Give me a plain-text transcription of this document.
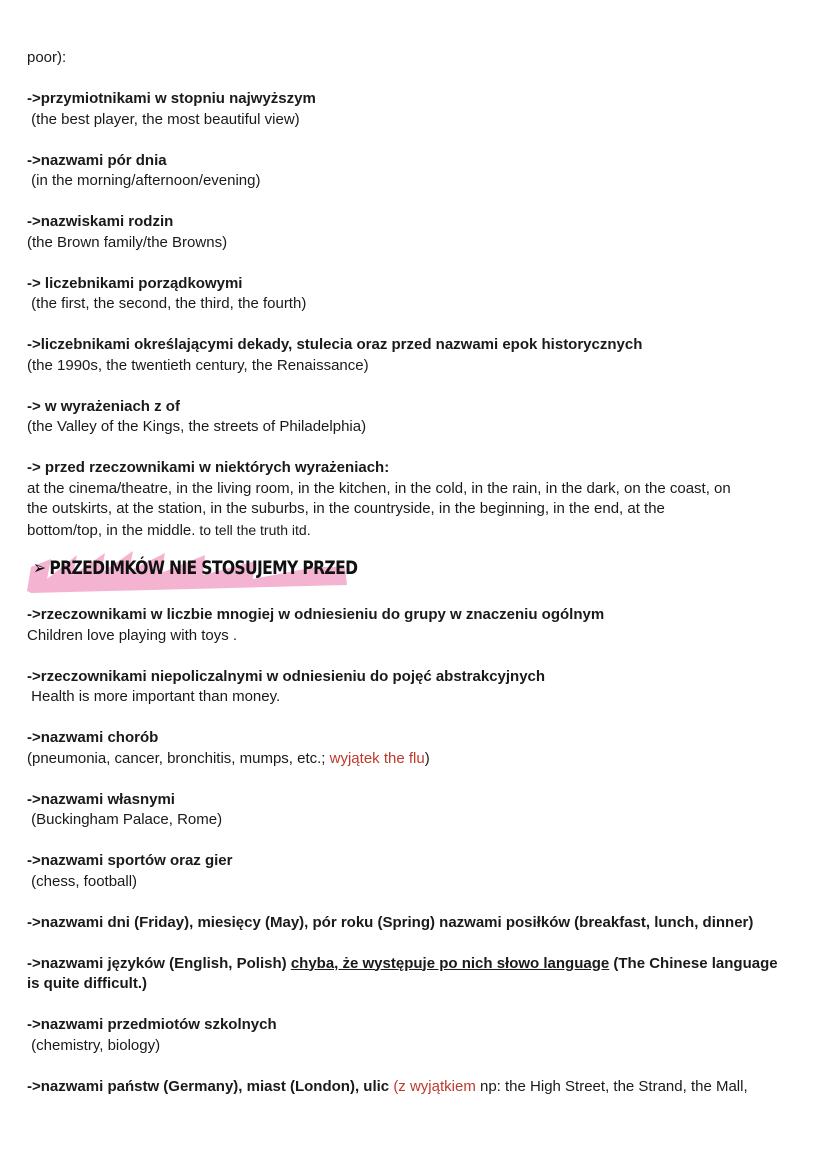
poor):

->przymiotnikami w stopniu najwyższym

(the best player, the most beautiful view)

->nazwami pór dnia

(in the morning/afternoon/evening)

->nazwiskami rodzin

(the Brown family/the Browns)

-> liczebnikami porządkowymi

(the first, the second, the third, the fourth)

->liczebnikami określającymi dekady, stulecia oraz przed nazwami epok historycznych

(the 1990s, the twentieth century, the Renaissance)

-> w wyrażeniach z of

(the Valley of the Kings, the streets of Philadelphia)

-> przed rzeczownikami w niektórych wyrażeniach:

at the cinema/theatre, in the living room, in the kitchen, in the cold, in the rain, in the dark, on the coast, on

the outskirts, at the station, in the suburbs, in the countryside, in the beginning, in the end, at the

bottom/top, in the middle. to tell the truth itd.

➢ PRZEDIMKÓW NIE STOSUJEMY PRZED

->rzeczownikami w liczbie mnogiej w odniesieniu do grupy w znaczeniu ogólnym

Children love playing with toys .

->rzeczownikami niepoliczalnymi w odniesieniu do pojęć abstrakcyjnych

Health is more important than money.

->nazwami chorób

(pneumonia, cancer, bronchitis, mumps, etc.; wyjątek the flu)

->nazwami własnymi

(Buckingham Palace, Rome)

->nazwami sportów oraz gier

(chess, football)

->nazwami dni (Friday), miesięcy (May), pór roku (Spring) nazwami posiłków (breakfast, lunch, dinner)

->nazwami języków (English, Polish) chyba, że występuje po nich słowo language (The Chinese language

is quite difficult.)

->nazwami przedmiotów szkolnych

(chemistry, biology)

->nazwami państw (Germany), miast (London), ulic (z wyjątkiem np: the High Street, the Strand, the Mall,
